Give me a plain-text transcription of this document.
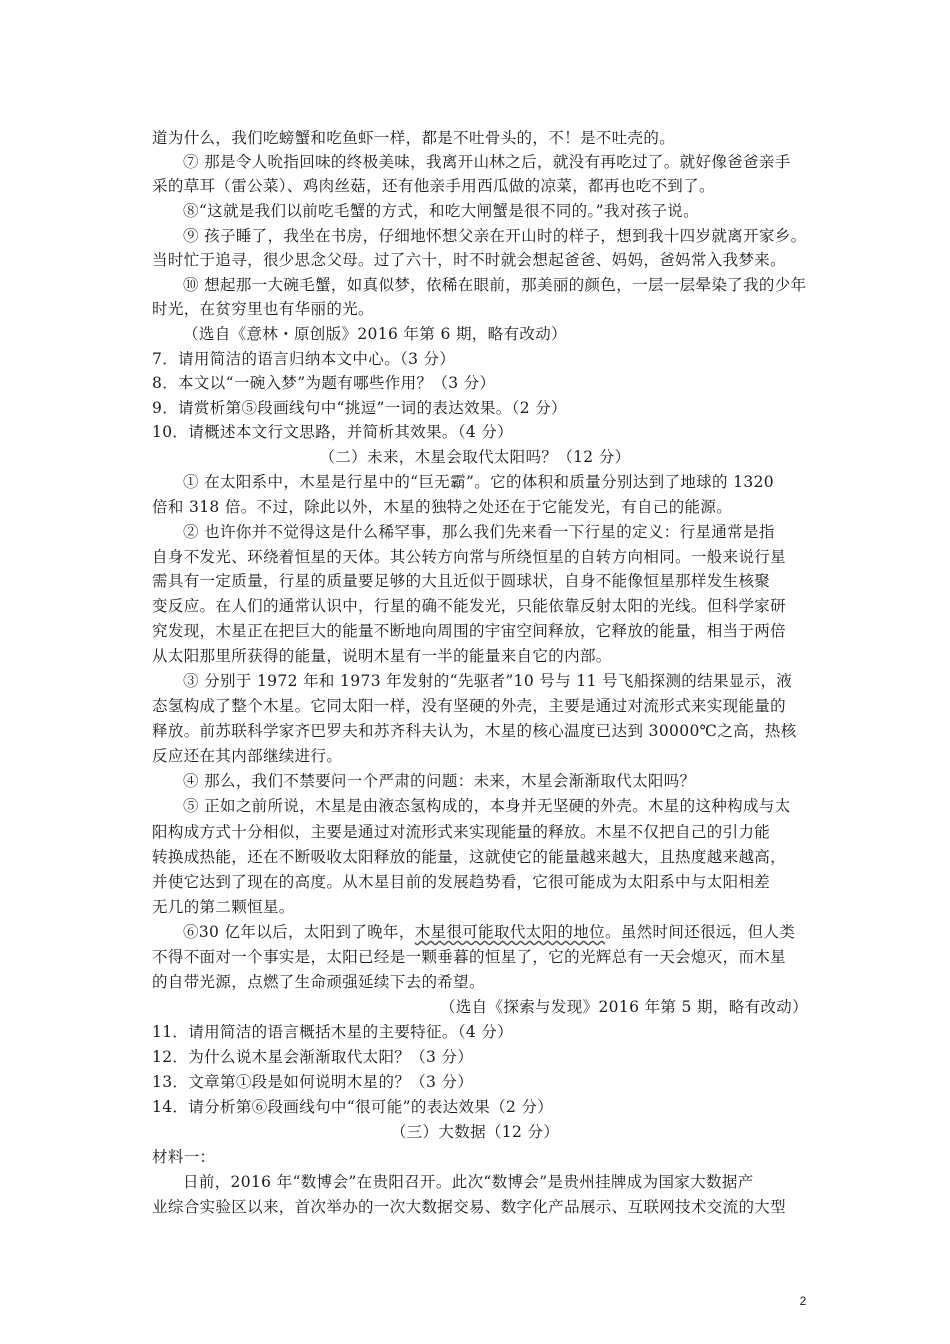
道为什么，我们吃螃蟹和吃鱼虾一样，都是不吐骨头的，不！是不吐壳的。
⑦ 那是令人吮指回味的终极美味，我离开山林之后，就没有再吃过了。就好像爸爸亲手
采的草耳（雷公菜）、鸡肉丝菇，还有他亲手用西瓜做的凉菜，都再也吃不到了。
⑧“这就是我们以前吃毛蟹的方式，和吃大闸蟹是很不同的。”我对孩子说。
⑨ 孩子睡了，我坐在书房，仔细地怀想父亲在开山时的样子，想到我十四岁就离开家乡。
当时忙于追寻，很少思念父母。过了六十，时不时就会想起爸爸、妈妈，爸妈常入我梦来。
⑩ 想起那一大碗毛蟹，如真似梦，依稀在眼前，那美丽的颜色，一层一层晕染了我的少年
时光，在贫穷里也有华丽的光。
（选自《意林・原创版》2016 年第 6 期，略有改动）
7．请用简洁的语言归纳本文中心。（3 分）
8．本文以“一碗入梦”为题有哪些作用？（3 分）
9．请赏析第⑤段画线句中“挑逗”一词的表达效果。（2 分）
10．请概述本文行文思路，并简析其效果。（4 分）
（二）未来，木星会取代太阳吗？（12 分）
① 在太阳系中，木星是行星中的“巨无霸”。它的体积和质量分别达到了地球的 1320
倍和 318 倍。不过，除此以外，木星的独特之处还在于它能发光，有自己的能源。
② 也许你并不觉得这是什么稀罕事，那么我们先来看一下行星的定义：行星通常是指
自身不发光、环绕着恒星的天体。其公转方向常与所绕恒星的自转方向相同。一般来说行星
需具有一定质量，行星的质量要足够的大且近似于圆球状，自身不能像恒星那样发生核聚
变反应。在人们的通常认识中，行星的确不能发光，只能依靠反射太阳的光线。但科学家研
究发现，木星正在把巨大的能量不断地向周围的宇宙空间释放，它释放的能量，相当于两倍
从太阳那里所获得的能量，说明木星有一半的能量来自它的内部。
③ 分别于 1972 年和 1973 年发射的“先驱者”10 号与 11 号飞船探测的结果显示，液
态氢构成了整个木星。它同太阳一样，没有坚硬的外壳，主要是通过对流形式来实现能量的
释放。前苏联科学家齐巴罗夫和苏齐科夫认为，木星的核心温度已达到 30000℃之高，热核
反应还在其内部继续进行。
④ 那么，我们不禁要问一个严肃的问题：未来，木星会渐渐取代太阳吗？
⑤ 正如之前所说，木星是由液态氢构成的，本身并无坚硬的外壳。木星的这种构成与太
阳构成方式十分相似，主要是通过对流形式来实现能量的释放。木星不仅把自己的引力能
转换成热能，还在不断吸收太阳释放的能量，这就使它的能量越来越大，且热度越来越高，
并使它达到了现在的高度。从木星目前的发展趋势看，它很可能成为太阳系中与太阳相差
无几的第二颗恒星。
⑥30 亿年以后，太阳到了晚年，木星很可能取代太阳的地位。虽然时间还很远，但人类
不得不面对一个事实是，太阳已经是一颗垂暮的恒星了，它的光辉总有一天会熄灭，而木星
的自带光源，点燃了生命顽强延续下去的希望。
（选自《探索与发现》2016 年第 5 期，略有改动）
11．请用简洁的语言概括木星的主要特征。（4 分）
12．为什么说木星会渐渐取代太阳？（3 分）
13．文章第①段是如何说明木星的？（3 分）
14．请分析第⑥段画线句中“很可能”的表达效果（2 分）
（三）大数据（12 分）
材料一：
日前，2016 年“数博会”在贵阳召开。此次“数博会”是贵州挂牌成为国家大数据产
业综合实验区以来，首次举办的一次大数据交易、数字化产品展示、互联网技术交流的大型
2
